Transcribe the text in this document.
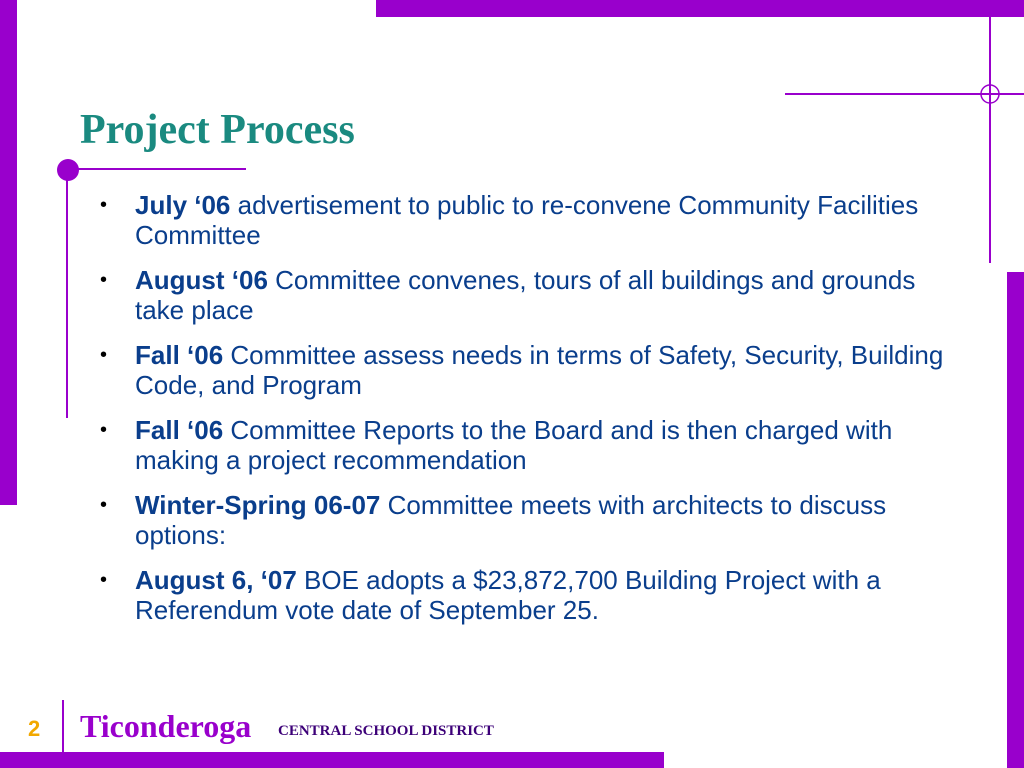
Project Process
• July ‘06 advertisement to public to re-convene Community Facilities Committee
• August ‘06 Committee convenes, tours of all buildings and grounds take place
• Fall ‘06 Committee assess needs in terms of Safety, Security, Building Code, and Program
• Fall ‘06 Committee Reports to the Board and is then charged with making a project recommendation
• Winter-Spring 06-07 Committee meets with architects to discuss options:
• August 6, ‘07 BOE adopts a $23,872,700 Building Project with a Referendum vote date of September 25.
2 Ticonderoga CENTRAL SCHOOL DISTRICT
